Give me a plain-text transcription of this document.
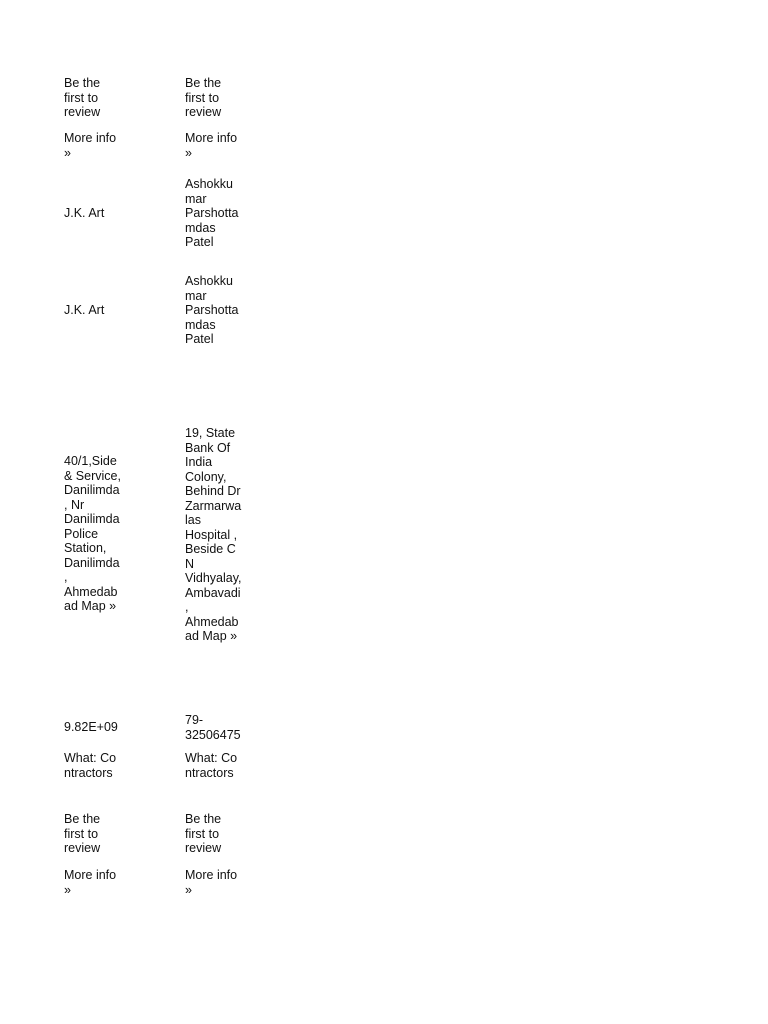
Be the
first to
review
More info
»
J.K. Art
J.K. Art
40/1,Side
& Service,
Danilimda
, Nr
Danilimda
Police
Station,
Danilimda
,
Ahmedab
ad Map »
9.82E+09
What: Co
ntractors
Be the
first to
review
More info
»
Be the
first to
review
More info
»
Ashokku
mar
Parshotta
mdas
Patel
Ashokku
mar
Parshotta
mdas
Patel
19, State
Bank Of
India
Colony,
Behind Dr
Zarmarwa
las
Hospital ,
Beside C
N
Vidhyalay,
Ambavadi
,
Ahmedab
ad Map »
79-
32506475
What: Co
ntractors
Be the
first to
review
More info
»
